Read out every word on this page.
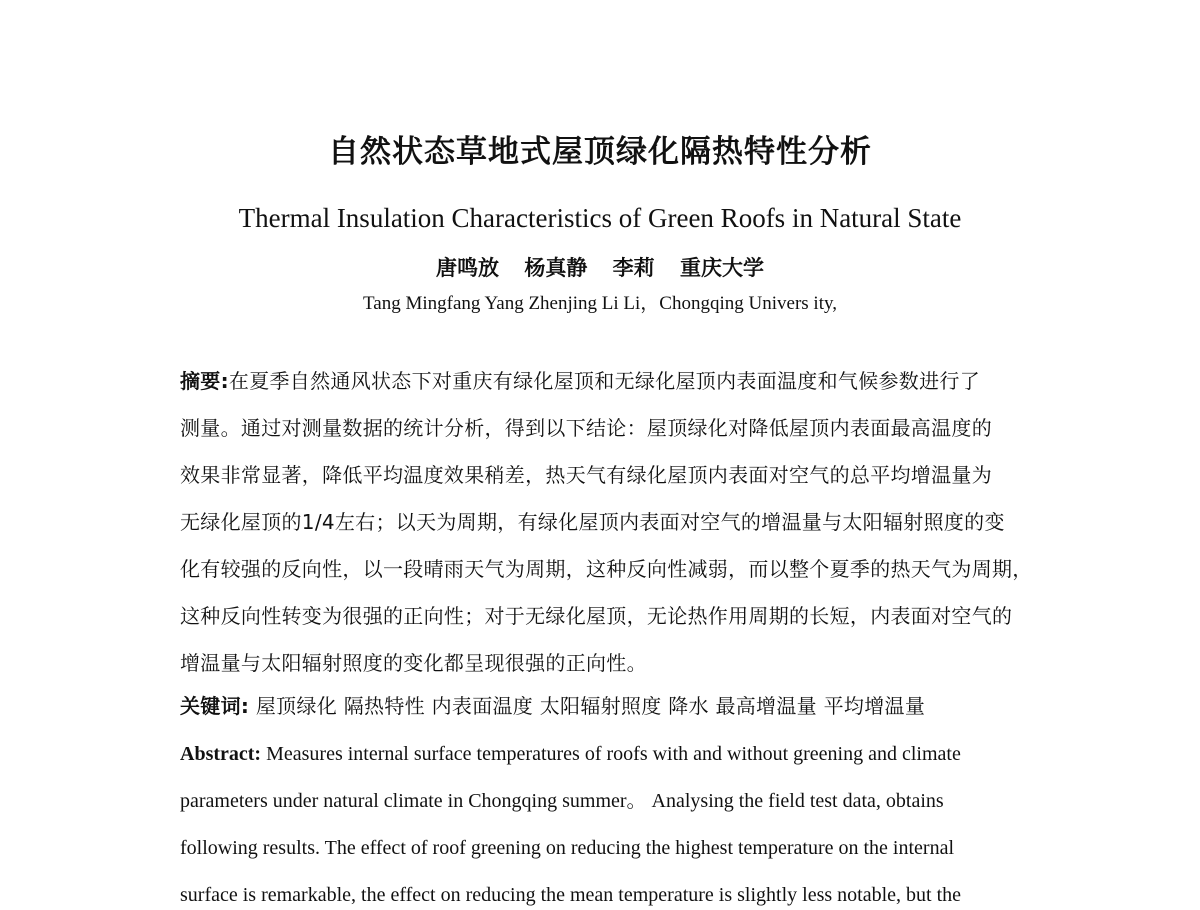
自然状态草地式屋顶绿化隔热特性分析
Thermal Insulation Characteristics of Green Roofs in Natural State
唐鸣放 杨真静 李莉 重庆大学
Tang Mingfang Yang Zhenjing Li Li，Chongqing Univers ity,
摘要:在夏季自然通风状态下对重庆有绿化屋顶和无绿化屋顶内表面温度和气候参数进行了
测量。通过对测量数据的统计分析，得到以下结论：屋顶绿化对降低屋顶内表面最高温度的
效果非常显著，降低平均温度效果稍差，热天气有绿化屋顶内表面对空气的总平均增温量为
无绿化屋顶的1/4左右；以天为周期，有绿化屋顶内表面对空气的增温量与太阳辐射照度的变
化有较强的反向性，以一段晴雨天气为周期，这种反向性减弱，而以整个夏季的热天气为周期，
这种反向性转变为很强的正向性；对于无绿化屋顶，无论热作用周期的长短，内表面对空气的
增温量与太阳辐射照度的变化都呈现很强的正向性。
关键词: 屋顶绿化 隔热特性 内表面温度 太阳辐射照度 降水 最高增温量 平均增温量
Abstract: Measures internal surface temperatures of roofs with and without greening and climate
parameters under natural climate in Chongqing summer。 Analysing the field test data, obtains
following results. The effect of roof greening on reducing the highest temperature on the internal
surface is remarkable, the effect on reducing the mean temperature is slightly less notable, but the
